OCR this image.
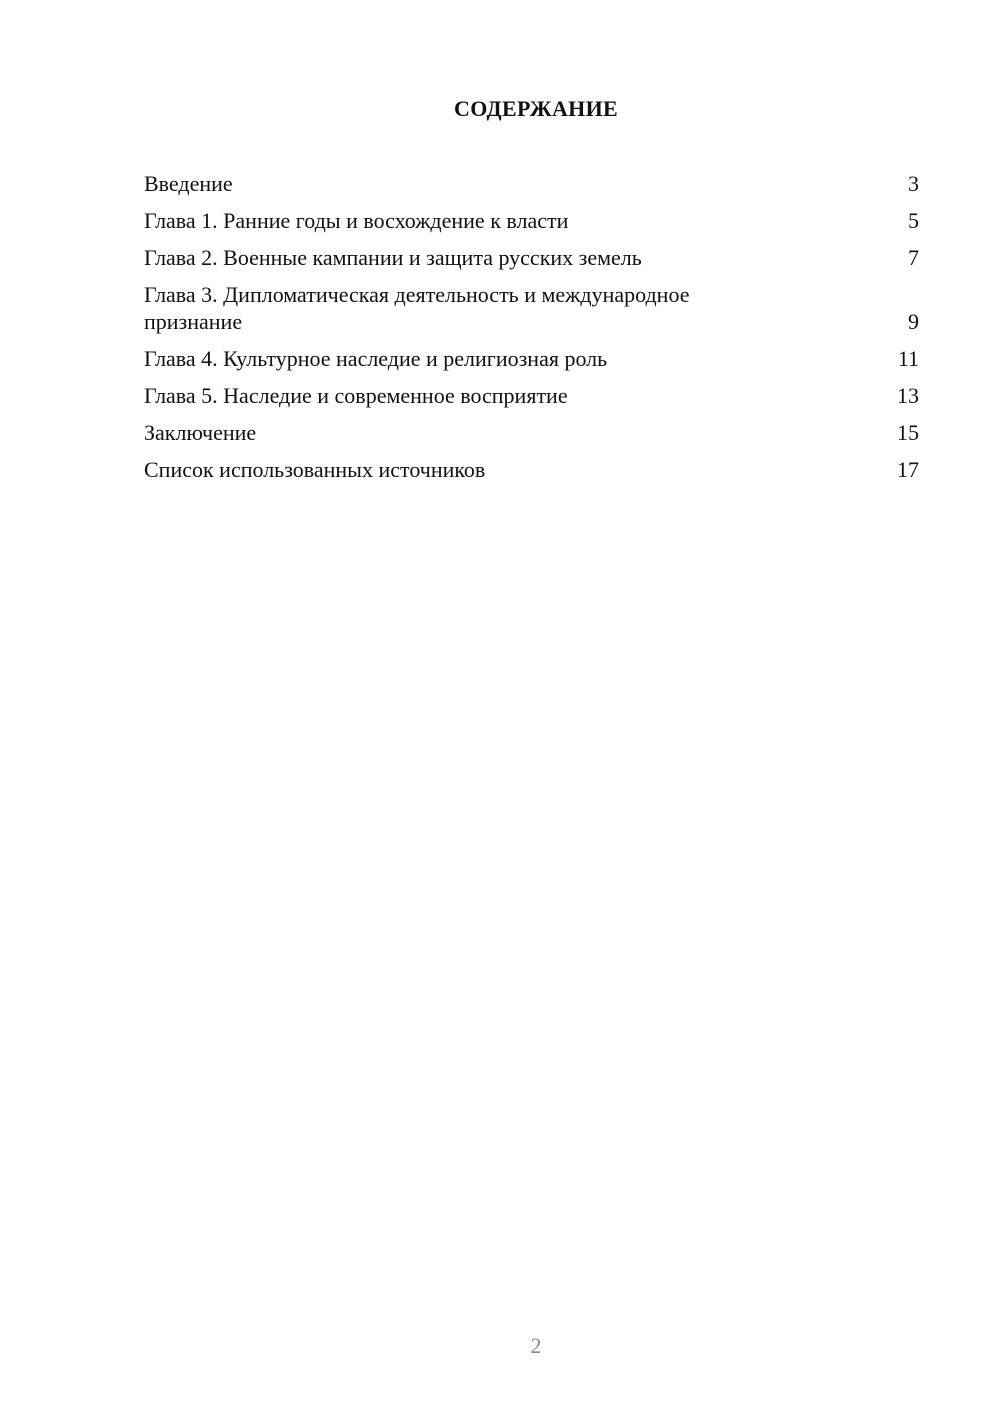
СОДЕРЖАНИЕ
Введение	3
Глава 1. Ранние годы и восхождение к власти	5
Глава 2. Военные кампании и защита русских земель	7
Глава 3. Дипломатическая деятельность и международное признание	9
Глава 4. Культурное наследие и религиозная роль	11
Глава 5. Наследие и современное восприятие	13
Заключение	15
Список использованных источников	17
2
